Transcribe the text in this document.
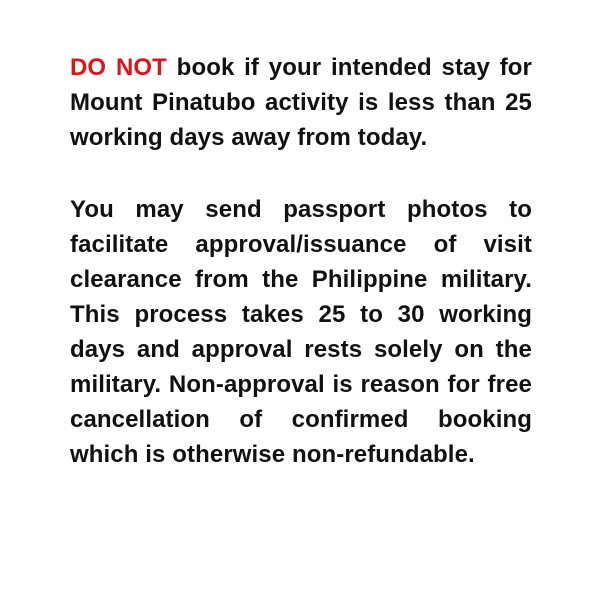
DO NOT book if your intended stay for Mount Pinatubo activity is less than 25 working days away from today.

You may send passport photos to facilitate approval/issuance of visit clearance from the Philippine military. This process takes 25 to 30 working days and approval rests solely on the military. Non-approval is reason for free cancellation of confirmed booking which is otherwise non-refundable.
